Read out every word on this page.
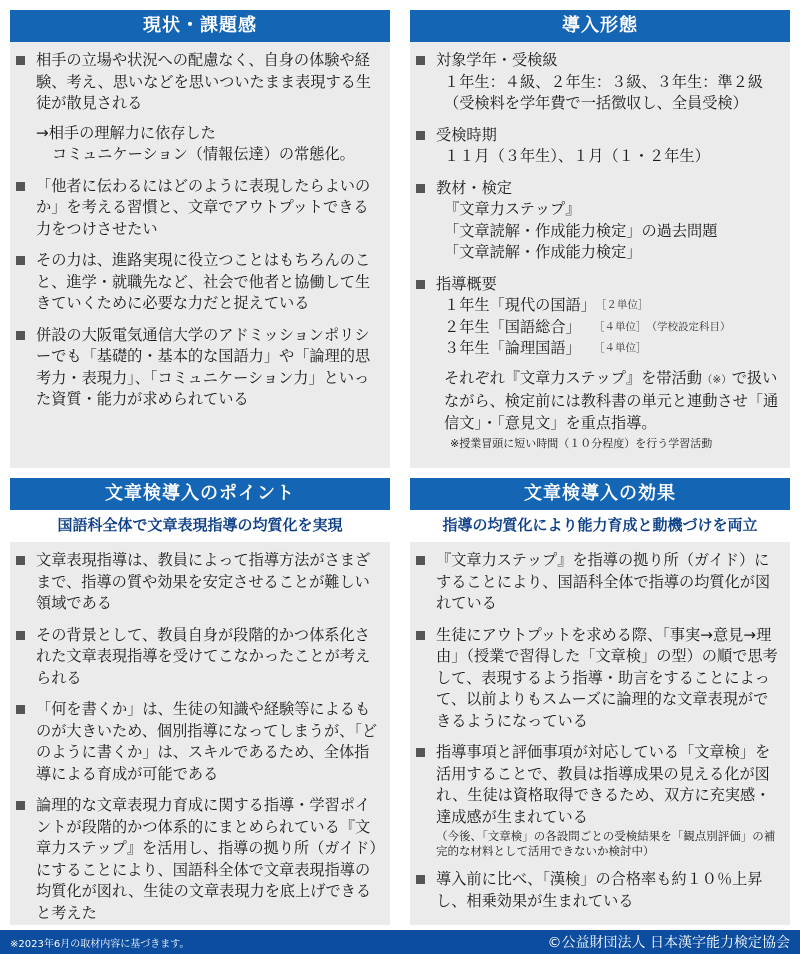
現状・課題感
相手の立場や状況への配慮なく、自身の体験や経験、考え、思いなどを思いついたまま表現する生徒が散見される
→相手の理解力に依存した
コミュニケーション（情報伝達）の常態化。
「他者に伝わるにはどのように表現したらよいのか」を考える習慣と、文章でアウトプットできる力をつけさせたい
その力は、進路実現に役立つことはもちろんのこと、進学・就職先など、社会で他者と協働して生きていくために必要な力だと捉えている
併設の大阪電気通信大学のアドミッションポリシーでも「基礎的・基本的な国語力」や「論理的思考力・表現力」、「コミュニケーション力」といった資質・能力が求められている
導入形態
対象学年・受検級
１年生：４級、２年生：３級、３年生：準２級
（受検料を学年費で一括徴収し、全員受検）
受検時期
１１月（３年生）、１月（１・２年生）
教材・検定
『文章力ステップ』
「文章読解・作成能力検定」の過去問題
「文章読解・作成能力検定」
指導概要
１年生「現代の国語」 ［２単位］
２年生「国語総合」	［４単位］ （学校設定科目）
３年生「論理国語」	［４単位］
それぞれ『文章力ステップ』を帯活動（※）で扱いながら、検定前には教科書の単元と連動させ「通信文」・「意見文」を重点指導。
※授業冒頭に短い時間（１０分程度）を行う学習活動
文章検導入のポイント
国語科全体で文章表現指導の均質化を実現
文章表現指導は、教員によって指導方法がさまざまで、指導の質や効果を安定させることが難しい領域である
その背景として、教員自身が段階的かつ体系化された文章表現指導を受けてこなかったことが考えられる
「何を書くか」は、生徒の知識や経験等によるものが大きいため、個別指導になってしまうが、「どのように書くか」は、スキルであるため、全体指導による育成が可能である
論理的な文章表現力育成に関する指導・学習ポイントが段階的かつ体系的にまとめられている『文章力ステップ』を活用し、指導の拠り所（ガイド）にすることにより、国語科全体で文章表現指導の均質化が図れ、生徒の文章表現力を底上げできると考えた
文章検導入の効果
指導の均質化により能力育成と動機づけを両立
『文章力ステップ』を指導の拠り所（ガイド）にすることにより、国語科全体で指導の均質化が図れている
生徒にアウトプットを求める際、「事実→意見→理由」（授業で習得した「文章検」の型）の順で思考して、表現するよう指導・助言をすることによって、以前よりもスムーズに論理的な文章表現ができるようになっている
指導事項と評価事項が対応している「文章検」を活用することで、教員は指導成果の見える化が図れ、生徒は資格取得できるため、双方に充実感・達成感が生まれている
（今後、「文章検」の各設問ごとの受検結果を「観点別評価」の補完的な材料として活用できないか検討中）
導入前に比べ、「漢検」の合格率も約１０％上昇し、相乗効果が生まれている
※2023年6月の取材内容に基づきます。	©公益財団法人 日本漢字能力検定協会
